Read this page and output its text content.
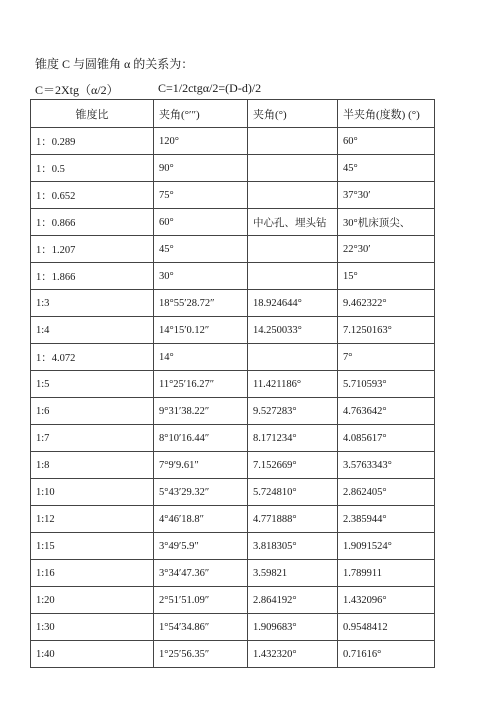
锥度 C 与圆锥角 α 的关系为：
C＝2Xtg（α/2）	C=1/2ctgα/2=(D-d)/2
锥度比	夹角(°′″)	夹角(°)	半夹角(度数) (°)
1：0.289	120°		60°
1：0.5	90°		45°
1：0.652	75°		37°30′
1：0.866	60°	中心孔、埋头钻	30°机床顶尖、
1：1.207	45°		22°30′
1：1.866	30°		15°
1:3	18°55′28.72″	18.924644°	9.462322°
1:4	14°15′0.12″	14.250033°	7.1250163°
1：4.072	14°		7°
1:5	11°25′16.27″	11.421186°	5.710593°
1:6	9°31′38.22″	9.527283°	4.763642°
1:7	8°10′16.44″	8.171234°	4.085617°
1:8	7°9′9.61″	7.152669°	3.5763343°
1:10	5°43′29.32″	5.724810°	2.862405°
1:12	4°46′18.8″	4.771888°	2.385944°
1:15	3°49′5.9″	3.818305°	1.9091524°
1:16	3°34′47.36″	3.59821	1.789911
1:20	2°51′51.09″	2.864192°	1.432096°
1:30	1°54′34.86″	1.909683°	0.9548412
1:40	1°25′56.35″	1.432320°	0.71616°
